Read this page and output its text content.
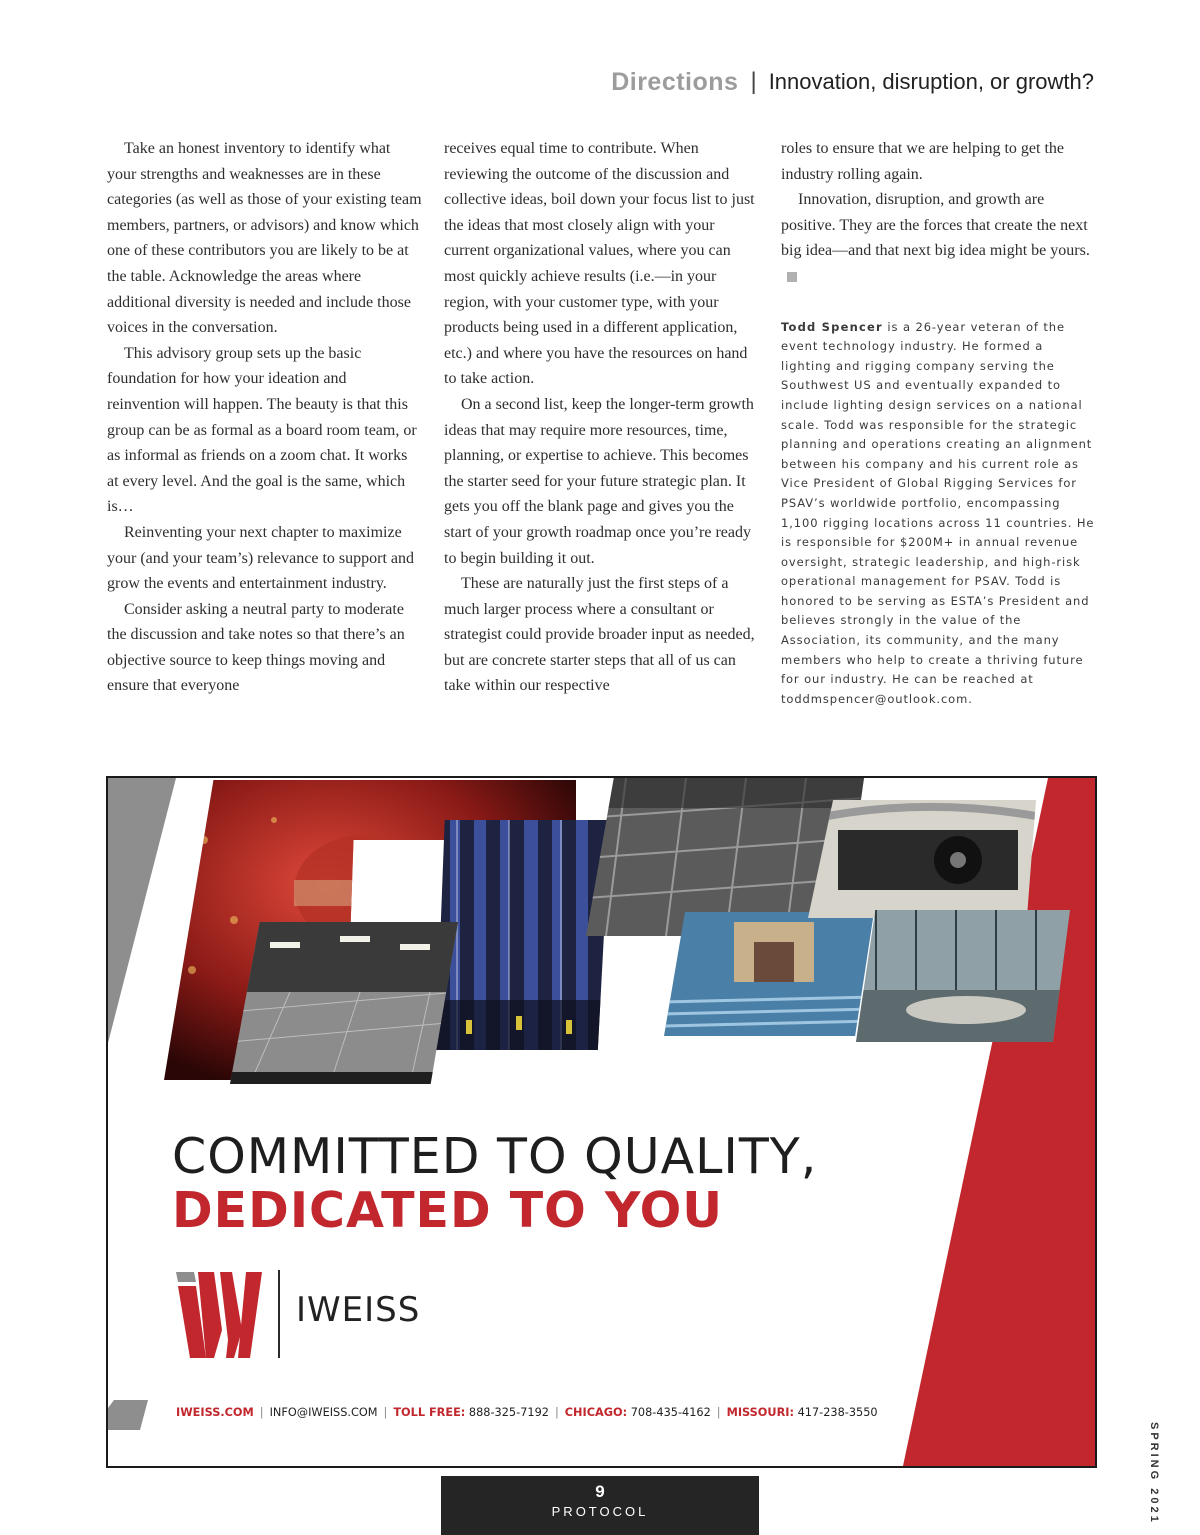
Directions | Innovation, disruption, or growth?

Take an honest inventory to identify what your strengths and weaknesses are in these categories (as well as those of your existing team members, partners, or advisors) and know which one of these contributors you are likely to be at the table. Acknowledge the areas where additional diversity is needed and include those voices in the conversation.

This advisory group sets up the basic foundation for how your ideation and reinvention will happen. The beauty is that this group can be as formal as a board room team, or as informal as friends on a zoom chat. It works at every level. And the goal is the same, which is…

Reinventing your next chapter to maximize your (and your team’s) relevance to support and grow the events and entertainment industry.

Consider asking a neutral party to moderate the discussion and take notes so that there’s an objective source to keep things moving and ensure that everyone

receives equal time to contribute. When reviewing the outcome of the discussion and collective ideas, boil down your focus list to just the ideas that most closely align with your current organizational values, where you can most quickly achieve results (i.e.—in your region, with your customer type, with your products being used in a different application, etc.) and where you have the resources on hand to take action.

On a second list, keep the longer-term growth ideas that may require more resources, time, planning, or expertise to achieve. This becomes the starter seed for your future strategic plan. It gets you off the blank page and gives you the start of your growth roadmap once you’re ready to begin building it out.

These are naturally just the first steps of a much larger process where a consultant or strategist could provide broader input as needed, but are concrete starter steps that all of us can take within our respective

roles to ensure that we are helping to get the industry rolling again.

Innovation, disruption, and growth are positive. They are the forces that create the next big idea—and that next big idea might be yours.

Todd Spencer is a 26-year veteran of the event technology industry. He formed a lighting and rigging company serving the Southwest US and eventually expanded to include lighting design services on a national scale. Todd was responsible for the strategic planning and operations creating an alignment between his company and his current role as Vice President of Global Rigging Services for PSAV’s worldwide portfolio, encompassing 1,100 rigging locations across 11 countries. He is responsible for $200M+ in annual revenue oversight, strategic leadership, and high-risk operational management for PSAV. Todd is honored to be serving as ESTA’s President and believes strongly in the value of the Association, its community, and the many members who help to create a thriving future for our industry. He can be reached at toddmspencer@outlook.com.
COMMITTED TO QUALITY,
DEDICATED TO YOU
IWEISS
IWEISS.COM | INFO@IWEISS.COM | TOLL FREE: 888-325-7192 | CHICAGO: 708-435-4162 | MISSOURI: 417-238-3550
9
PROTOCOL	SPRING 2021
